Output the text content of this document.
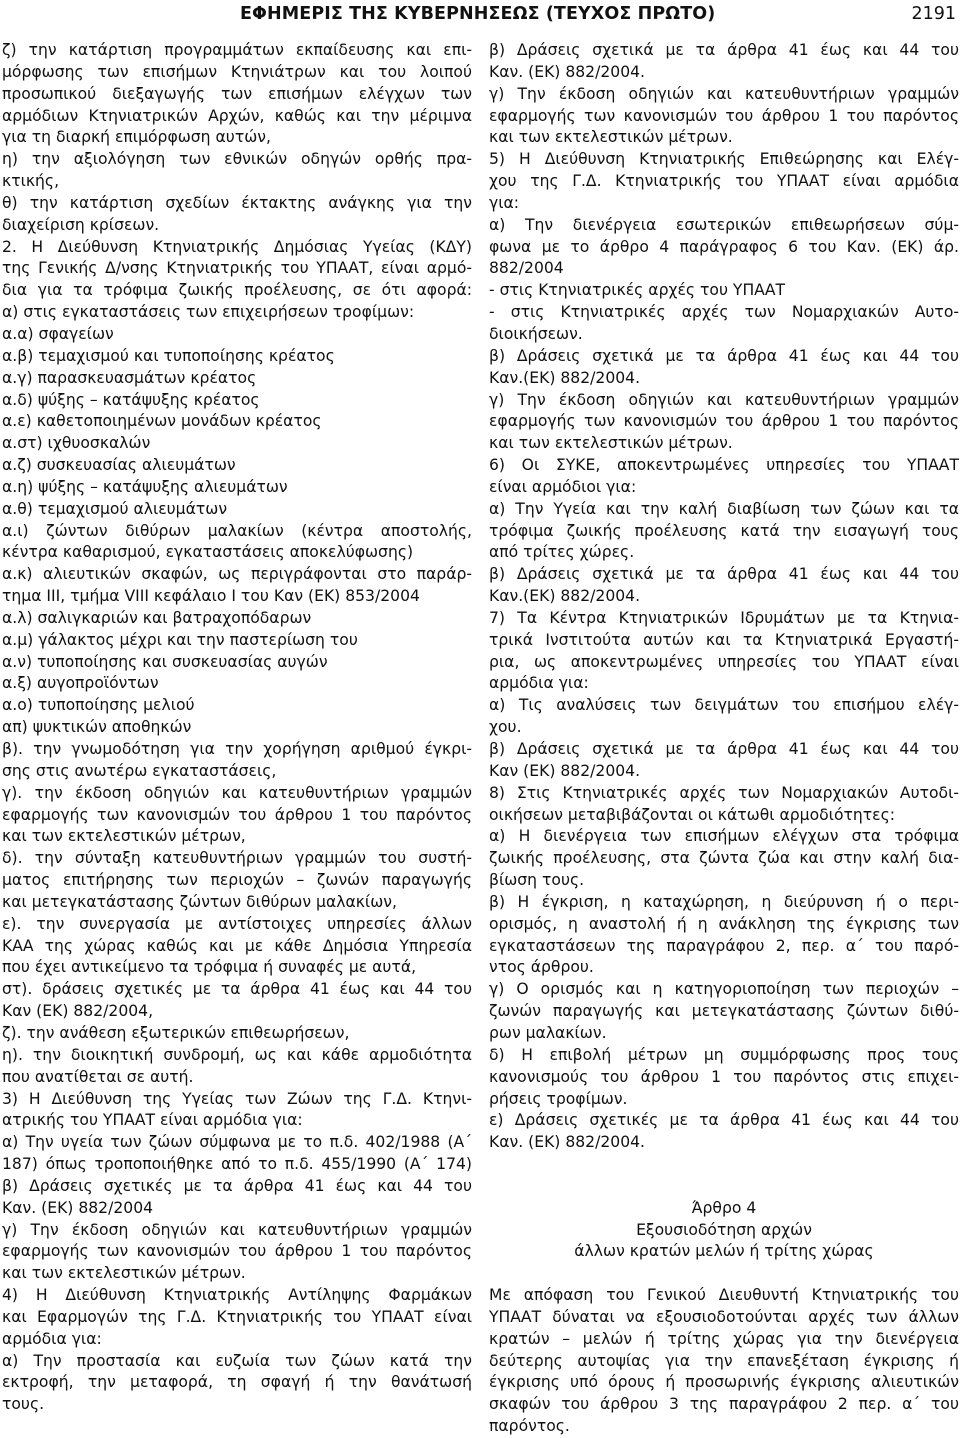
ΕΦΗΜΕΡΙΣ ΤΗΣ ΚΥΒΕΡΝΗΣΕΩΣ (ΤΕΥΧΟΣ ΠΡΩΤΟ)	2191
ζ) την κατάρτιση προγραμμάτων εκπαίδευσης και επι-
μόρφωσης των επισήμων Κτηνιάτρων και του λοιπού
προσωπικού διεξαγωγής των επισήμων ελέγχων των
αρμόδιων Κτηνιατρικών Αρχών, καθώς και την μέριμνα
για τη διαρκή επιμόρφωση αυτών,
η) την αξιολόγηση των εθνικών οδηγών ορθής πρα-
κτικής,
θ) την κατάρτιση σχεδίων έκτακτης ανάγκης για την
διαχείριση κρίσεων.
2. Η Διεύθυνση Κτηνιατρικής Δημόσιας Υγείας (ΚΔΥ)
της Γενικής Δ/νσης Κτηνιατρικής του ΥΠΑΑΤ, είναι αρμό-
δια για τα τρόφιμα ζωικής προέλευσης, σε ότι αφορά:
α) στις εγκαταστάσεις των επιχειρήσεων τροφίμων:
α.α) σφαγείων
α.β) τεμαχισμού και τυποποίησης κρέατος
α.γ) παρασκευασμάτων κρέατος
α.δ) ψύξης – κατάψυξης κρέατος
α.ε) καθετοποιημένων μονάδων κρέατος
α.στ) ιχθυοσκαλών
α.ζ) συσκευασίας αλιευμάτων
α.η) ψύξης – κατάψυξης αλιευμάτων
α.θ) τεμαχισμού αλιευμάτων
α.ι) ζώντων διθύρων μαλακίων (κέντρα αποστολής,
κέντρα καθαρισμού, εγκαταστάσεις αποκελύφωσης)
α.κ) αλιευτικών σκαφών, ως περιγράφονται στο παράρ-
τημα III, τμήμα VIII κεφάλαιο I του Καν (ΕΚ) 853/2004
α.λ) σαλιγκαριών και βατραχοπόδαρων
α.μ) γάλακτος μέχρι και την παστερίωση του
α.ν) τυποποίησης και συσκευασίας αυγών
α.ξ) αυγοπροϊόντων
α.ο) τυποποίησης μελιού
απ) ψυκτικών αποθηκών
β). την γνωμοδότηση για την χορήγηση αριθμού έγκρι-
σης στις ανωτέρω εγκαταστάσεις,
γ). την έκδοση οδηγιών και κατευθυντήριων γραμμών
εφαρμογής των κανονισμών του άρθρου 1 του παρόντος
και των εκτελεστικών μέτρων,
δ). την σύνταξη κατευθυντήριων γραμμών του συστή-
ματος επιτήρησης των περιοχών – ζωνών παραγωγής
και μετεγκατάστασης ζώντων διθύρων μαλακίων,
ε). την συνεργασία με αντίστοιχες υπηρεσίες άλλων
ΚΑΑ της χώρας καθώς και με κάθε Δημόσια Υπηρεσία
που έχει αντικείμενο τα τρόφιμα ή συναφές με αυτά,
στ). δράσεις σχετικές με τα άρθρα 41 έως και 44 του
Καν (ΕΚ) 882/2004,
ζ). την ανάθεση εξωτερικών επιθεωρήσεων,
η). την διοικητική συνδρομή, ως και κάθε αρμοδιότητα
που ανατίθεται σε αυτή.
3) Η Διεύθυνση της Υγείας των Ζώων της Γ.Δ. Κτηνι-
ατρικής του ΥΠΑΑΤ είναι αρμόδια για:
α) Την υγεία των ζώων σύμφωνα με το π.δ. 402/1988 (Α΄
187) όπως τροποποιήθηκε από το π.δ. 455/1990 (Α΄ 174)
β) Δράσεις σχετικές με τα άρθρα 41 έως και 44 του
Καν. (ΕΚ) 882/2004
γ) Την έκδοση οδηγιών και κατευθυντήριων γραμμών
εφαρμογής των κανονισμών του άρθρου 1 του παρόντος
και των εκτελεστικών μέτρων.
4) Η Διεύθυνση Κτηνιατρικής Αντίληψης Φαρμάκων
και Εφαρμογών της Γ.Δ. Κτηνιατρικής του ΥΠΑΑΤ είναι
αρμόδια για:
α) Την προστασία και ευζωία των ζώων κατά την
εκτροφή, την μεταφορά, τη σφαγή ή την θανάτωσή
τους.
β) Δράσεις σχετικά με τα άρθρα 41 έως και 44 του
Καν. (ΕΚ) 882/2004.
γ) Την έκδοση οδηγιών και κατευθυντήριων γραμμών
εφαρμογής των κανονισμών του άρθρου 1 του παρόντος
και των εκτελεστικών μέτρων.
5) Η Διεύθυνση Κτηνιατρικής Επιθεώρησης και Ελέγ-
χου της Γ.Δ. Κτηνιατρικής του ΥΠΑΑΤ είναι αρμόδια
για:
α) Την διενέργεια εσωτερικών επιθεωρήσεων σύμ-
φωνα με το άρθρο 4 παράγραφος 6 του Καν. (ΕΚ) άρ.
882/2004
- στις Κτηνιατρικές αρχές του ΥΠΑΑΤ
- στις Κτηνιατρικές αρχές των Νομαρχιακών Αυτο-
διοικήσεων.
β) Δράσεις σχετικά με τα άρθρα 41 έως και 44 του
Καν.(ΕΚ) 882/2004.
γ) Την έκδοση οδηγιών και κατευθυντήριων γραμμών
εφαρμογής των κανονισμών του άρθρου 1 του παρόντος
και των εκτελεστικών μέτρων.
6) Οι ΣΥΚΕ, αποκεντρωμένες υπηρεσίες του ΥΠΑΑΤ
είναι αρμόδιοι για:
α) Την Υγεία και την καλή διαβίωση των ζώων και τα
τρόφιμα ζωικής προέλευσης κατά την εισαγωγή τους
από τρίτες χώρες.
β) Δράσεις σχετικά με τα άρθρα 41 έως και 44 του
Καν.(ΕΚ) 882/2004.
7) Τα Κέντρα Κτηνιατρικών Ιδρυμάτων με τα Κτηνια-
τρικά Ινστιτούτα αυτών και τα Κτηνιατρικά Εργαστή-
ρια, ως αποκεντρωμένες υπηρεσίες του ΥΠΑΑΤ είναι
αρμόδια για:
α) Τις αναλύσεις των δειγμάτων του επισήμου ελέγ-
χου.
β) Δράσεις σχετικά με τα άρθρα 41 έως και 44 του
Καν (ΕΚ) 882/2004.
8) Στις Κτηνιατρικές αρχές των Νομαρχιακών Αυτοδι-
οικήσεων μεταβιβάζονται οι κάτωθι αρμοδιότητες:
α) Η διενέργεια των επισήμων ελέγχων στα τρόφιμα
ζωικής προέλευσης, στα ζώντα ζώα και στην καλή δια-
βίωση τους.
β) Η έγκριση, η καταχώρηση, η διεύρυνση ή ο περι-
ορισμός, η αναστολή ή η ανάκληση της έγκρισης των
εγκαταστάσεων της παραγράφου 2, περ. α΄ του παρό-
ντος άρθρου.
γ) Ο ορισμός και η κατηγοριοποίηση των περιοχών –
ζωνών παραγωγής και μετεγκατάστασης ζώντων διθύ-
ρων μαλακίων.
δ) Η επιβολή μέτρων μη συμμόρφωσης προς τους
κανονισμούς του άρθρου 1 του παρόντος στις επιχει-
ρήσεις τροφίμων.
ε) Δράσεις σχετικές με τα άρθρα 41 έως και 44 του
Καν. (ΕΚ) 882/2004.
Άρθρο 4
Εξουσιοδότηση αρχών
άλλων κρατών μελών ή τρίτης χώρας
Με απόφαση του Γενικού Διευθυντή Κτηνιατρικής του
ΥΠΑΑΤ δύναται να εξουσιοδοτούνται αρχές των άλλων
κρατών – μελών ή τρίτης χώρας για την διενέργεια
δεύτερης αυτοψίας για την επανεξέταση έγκρισης ή
έγκρισης υπό όρους ή προσωρινής έγκρισης αλιευτικών
σκαφών του άρθρου 3 της παραγράφου 2 περ. α΄ του
παρόντος.
